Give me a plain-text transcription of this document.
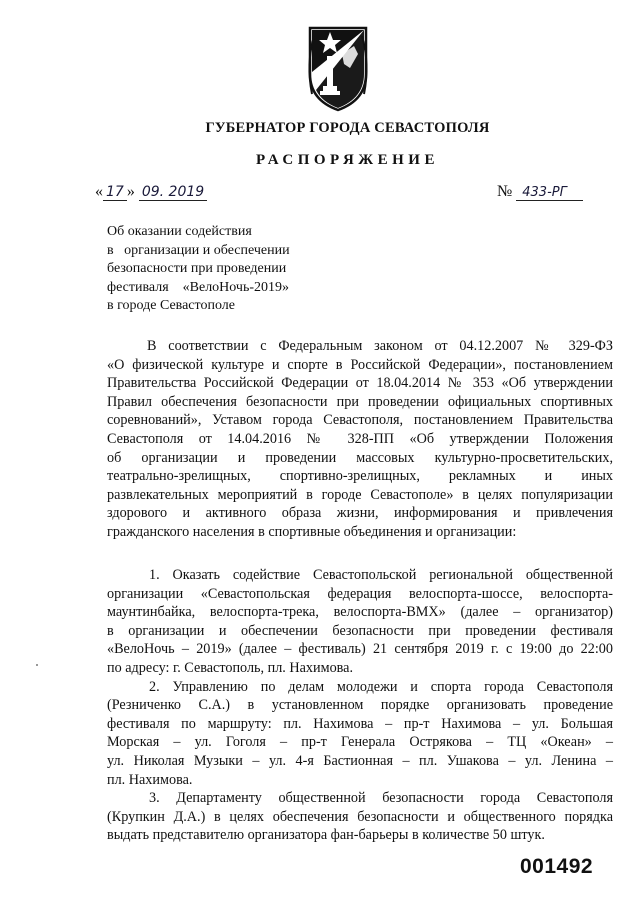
ГУБЕРНАТОР ГОРОДА СЕВАСТОПОЛЯ
РАСПОРЯЖЕНИЕ
« 17 » 09. 2019	№ 433-РГ
Об оказании содействия
в   организации и обеспечении
безопасности при проведении
фестиваля    «ВелоНочь-2019»
в городе Севастополе
В соответствии с Федеральным законом от 04.12.2007 № 329-ФЗ
«О физической культуре и спорте в Российской Федерации», постановлением
Правительства Российской Федерации от 18.04.2014 № 353 «Об утверждении
Правил обеспечения безопасности при проведении официальных спортивных
соревнований», Уставом города Севастополя, постановлением Правительства
Севастополя от 14.04.2016 № 328-ПП «Об утверждении Положения
об организации и проведении массовых культурно-просветительских,
театрально-зрелищных, спортивно-зрелищных, рекламных и иных
развлекательных мероприятий в городе Севастополе» в целях популяризации
здорового и активного образа жизни, информирования и привлечения
гражданского населения в спортивные объединения и организации:
1. Оказать содействие Севастопольской региональной общественной
организации «Севастопольская федерация велоспорта-шоссе, велоспорта-
маунтинбайка, велоспорта-трека, велоспорта-BMX» (далее – организатор)
в организации и обеспечении безопасности при проведении фестиваля
«ВелоНочь – 2019» (далее – фестиваль) 21 сентября 2019 г. с 19:00 до 22:00
по адресу: г. Севастополь, пл. Нахимова.
2. Управлению по делам молодежи и спорта города Севастополя
(Резниченко С.А.) в установленном порядке организовать проведение
фестиваля по маршруту: пл. Нахимова – пр-т Нахимова – ул. Большая
Морская – ул. Гоголя – пр-т Генерала Острякова – ТЦ «Океан» –
ул. Николая Музыки – ул. 4-я Бастионная – пл. Ушакова – ул. Ленина –
пл. Нахимова.
3. Департаменту общественной безопасности города Севастополя
(Крупкин Д.А.) в целях обеспечения безопасности и общественного порядка
выдать представителю организатора фан-барьеры в количестве 50 штук.
001492
